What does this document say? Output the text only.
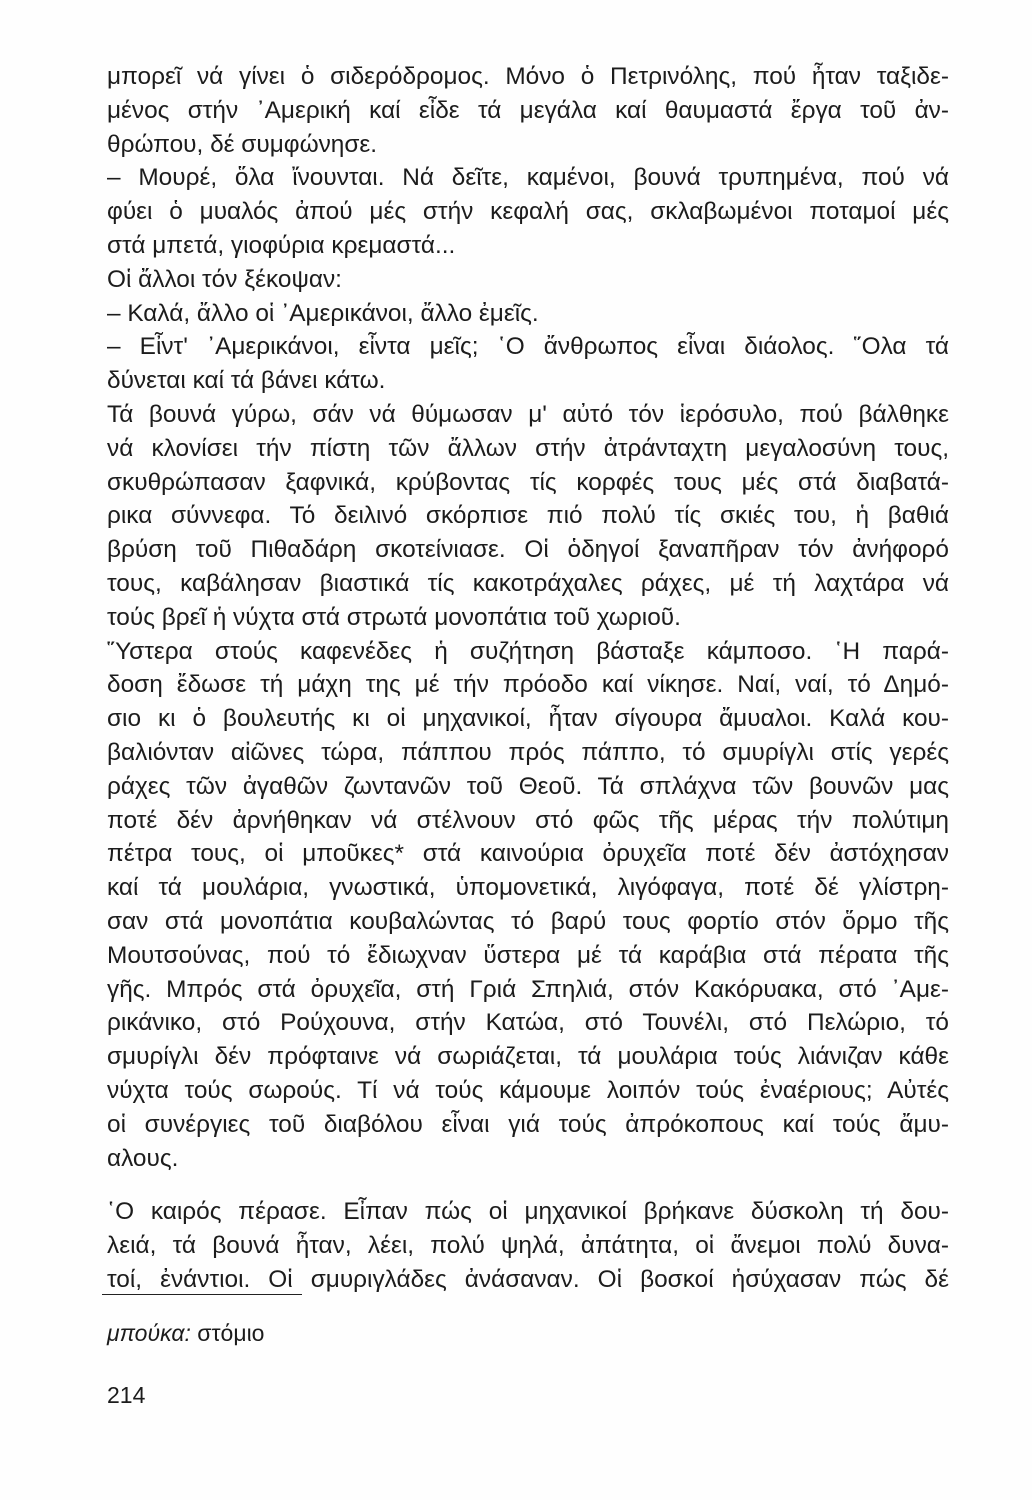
μπορεῖ νά γίνει ὁ σιδερόδρομος. Μόνο ὁ Πετρινόλης, πού ἦταν ταξιδε-
μένος στήν ᾿Αμερική καί εἶδε τά μεγάλα καί θαυμαστά ἔργα τοῦ ἀν-
θρώπου, δέ συμφώνησε.
– Μουρέ, ὅλα ἴνουνται. Νά δεῖτε, καμένοι, βουνά τρυπημένα, πού νά
φύει ὁ μυαλός ἀπού μές στήν κεφαλή σας, σκλαβωμένοι ποταμοί μές
στά μπετά, γιοφύρια κρεμαστά...
Οἱ ἄλλοι τόν ξέκοψαν:
– Καλά, ἄλλο οἱ ᾿Αμερικάνοι, ἄλλο ἐμεῖς.
– Εἶντ' ᾿Αμερικάνοι, εἶντα μεῖς; ῾Ο ἄνθρωπος εἶναι διάολος. ῞Ολα τά
δύνεται καί τά βάνει κάτω.
Τά βουνά γύρω, σάν νά θύμωσαν μ' αὐτό τόν ἱερόσυλο, πού βάλθηκε
νά κλονίσει τήν πίστη τῶν ἄλλων στήν ἀτράνταχτη μεγαλοσύνη τους,
σκυθρώπασαν ξαφνικά, κρύβοντας τίς κορφές τους μές στά διαβατά-
ρικα σύννεφα. Τό δειλινό σκόρπισε πιό πολύ τίς σκιές του, ἡ βαθιά
βρύση τοῦ Πιθαδάρη σκοτείνιασε. Οἱ ὁδηγοί ξαναπῆραν τόν ἀνήφορό
τους, καβάλησαν βιαστικά τίς κακοτράχαλες ράχες, μέ τή λαχτάρα νά
τούς βρεῖ ἡ νύχτα στά στρωτά μονοπάτια τοῦ χωριοῦ.
῞Υστερα στούς καφενέδες ἡ συζήτηση βάσταξε κάμποσο. ῾Η παρά-
δοση ἔδωσε τή μάχη της μέ τήν πρόοδο καί νίκησε. Ναί, ναί, τό Δημό-
σιο κι ὁ βουλευτής κι οἱ μηχανικοί, ἦταν σίγουρα ἄμυαλοι. Καλά κου-
βαλιόνταν αἰῶνες τώρα, πάππου πρός πάππο, τό σμυρίγλι στίς γερές
ράχες τῶν ἀγαθῶν ζωντανῶν τοῦ Θεοῦ. Τά σπλάχνα τῶν βουνῶν μας
ποτέ δέν ἀρνήθηκαν νά στέλνουν στό φῶς τῆς μέρας τήν πολύτιμη
πέτρα τους, οἱ μποῦκες* στά καινούρια ὀρυχεῖα ποτέ δέν ἀστόχησαν
καί τά μουλάρια, γνωστικά, ὑπομονετικά, λιγόφαγα, ποτέ δέ γλίστρη-
σαν στά μονοπάτια κουβαλώντας τό βαρύ τους φορτίο στόν ὅρμο τῆς
Μουτσούνας, πού τό ἔδιωχναν ὕστερα μέ τά καράβια στά πέρατα τῆς
γῆς. Μπρός στά ὀρυχεῖα, στή Γριά Σπηλιά, στόν Κακόρυακα, στό ᾿Αμε-
ρικάνικο, στό Ρούχουνα, στήν Κατώα, στό Τουνέλι, στό Πελώριο, τό
σμυρίγλι δέν πρόφταινε νά σωριάζεται, τά μουλάρια τούς λιάνιζαν κάθε
νύχτα τούς σωρούς. Τί νά τούς κάμουμε λοιπόν τούς ἐναέριους; Αὐτές
οἱ συνέργιες τοῦ διαβόλου εἶναι γιά τούς ἀπρόκοπους καί τούς ἄμυ-
αλους.
῾Ο καιρός πέρασε. Εἶπαν πώς οἱ μηχανικοί βρήκανε δύσκολη τή δου-
λειά, τά βουνά ἦταν, λέει, πολύ ψηλά, ἀπάτητα, οἱ ἄνεμοι πολύ δυνα-
τοί, ἐνάντιοι. Οἱ σμυριγλάδες ἀνάσαναν. Οἱ βοσκοί ἡσύχασαν πώς δέ
μπούκα: στόμιο
214
